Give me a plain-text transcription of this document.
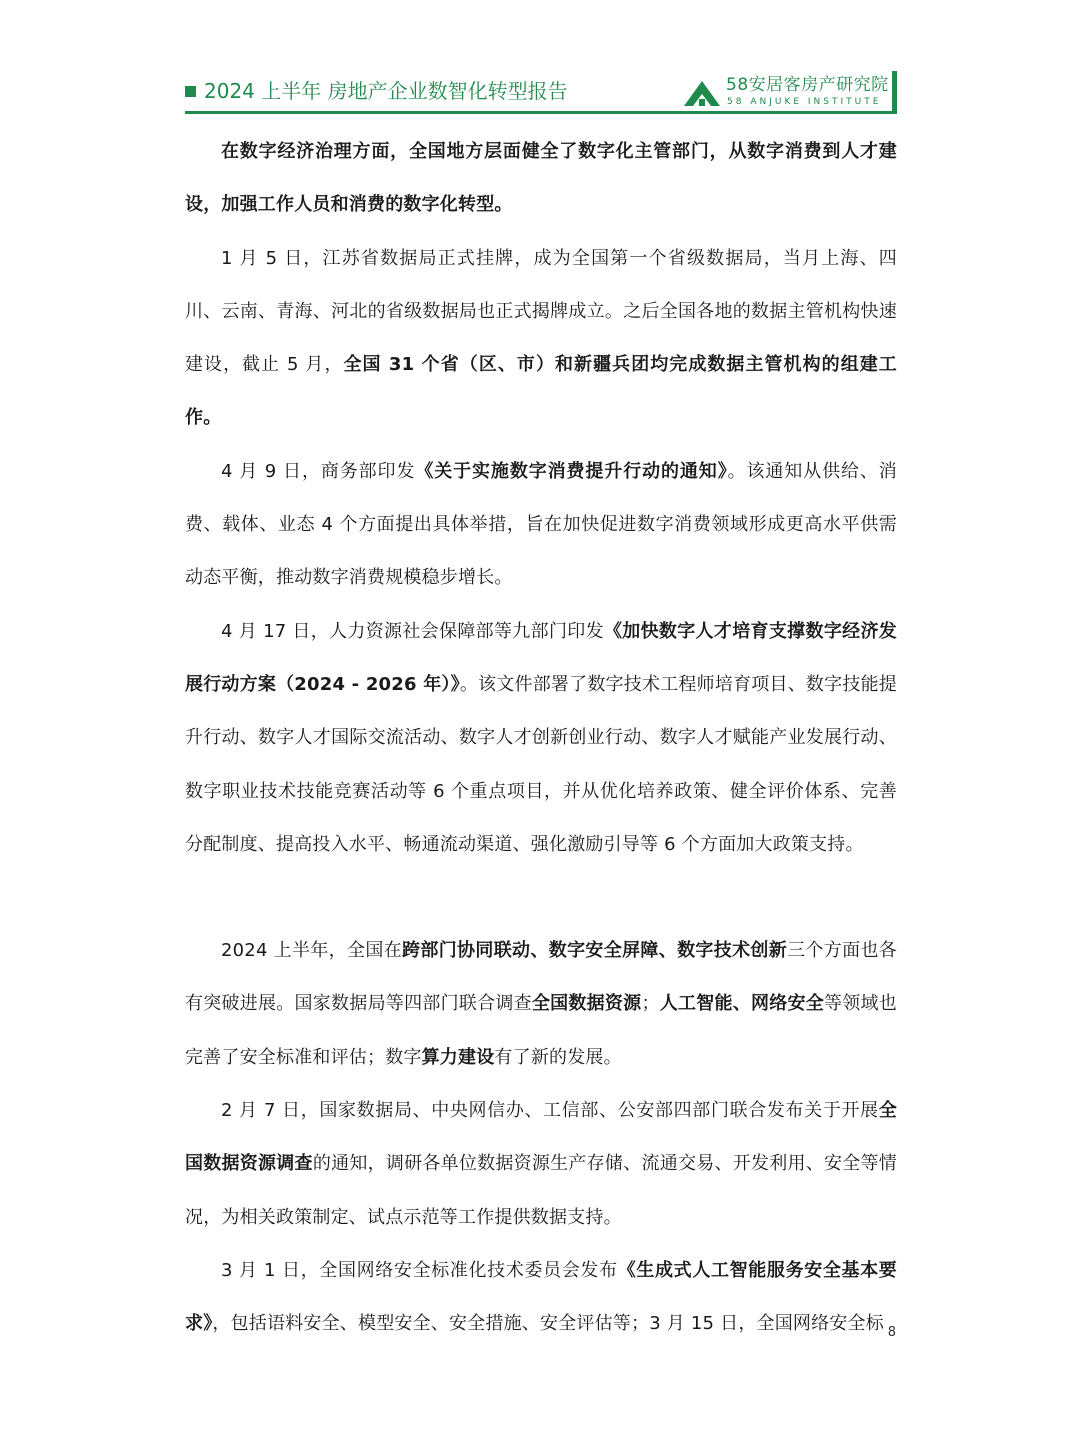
2024 上半年 房地产企业数智化转型报告	58安居客房产研究院
58 ANJUKE INSTITUTE

在数字经济治理方面，全国地方层面健全了数字化主管部门，从数字消费到人才建设，加强工作人员和消费的数字化转型。

1 月 5 日，江苏省数据局正式挂牌，成为全国第一个省级数据局，当月上海、四川、云南、青海、河北的省级数据局也正式揭牌成立。之后全国各地的数据主管机构快速建设，截止 5 月，全国 31 个省（区、市）和新疆兵团均完成数据主管机构的组建工作。

4 月 9 日，商务部印发《关于实施数字消费提升行动的通知》。该通知从供给、消费、载体、业态 4 个方面提出具体举措，旨在加快促进数字消费领域形成更高水平供需动态平衡，推动数字消费规模稳步增长。

4 月 17 日，人力资源社会保障部等九部门印发《加快数字人才培育支撑数字经济发展行动方案（2024 - 2026 年）》。该文件部署了数字技术工程师培育项目、数字技能提升行动、数字人才国际交流活动、数字人才创新创业行动、数字人才赋能产业发展行动、数字职业技术技能竞赛活动等 6 个重点项目，并从优化培养政策、健全评价体系、完善分配制度、提高投入水平、畅通流动渠道、强化激励引导等 6 个方面加大政策支持。

2024 上半年，全国在跨部门协同联动、数字安全屏障、数字技术创新三个方面也各有突破进展。国家数据局等四部门联合调查全国数据资源；人工智能、网络安全等领域也完善了安全标准和评估；数字算力建设有了新的发展。

2 月 7 日，国家数据局、中央网信办、工信部、公安部四部门联合发布关于开展全国数据资源调查的通知，调研各单位数据资源生产存储、流通交易、开发利用、安全等情况，为相关政策制定、试点示范等工作提供数据支持。

3 月 1 日，全国网络安全标准化技术委员会发布《生成式人工智能服务安全基本要求》，包括语料安全、模型安全、安全措施、安全评估等；3 月 15 日，全国网络安全标 8
